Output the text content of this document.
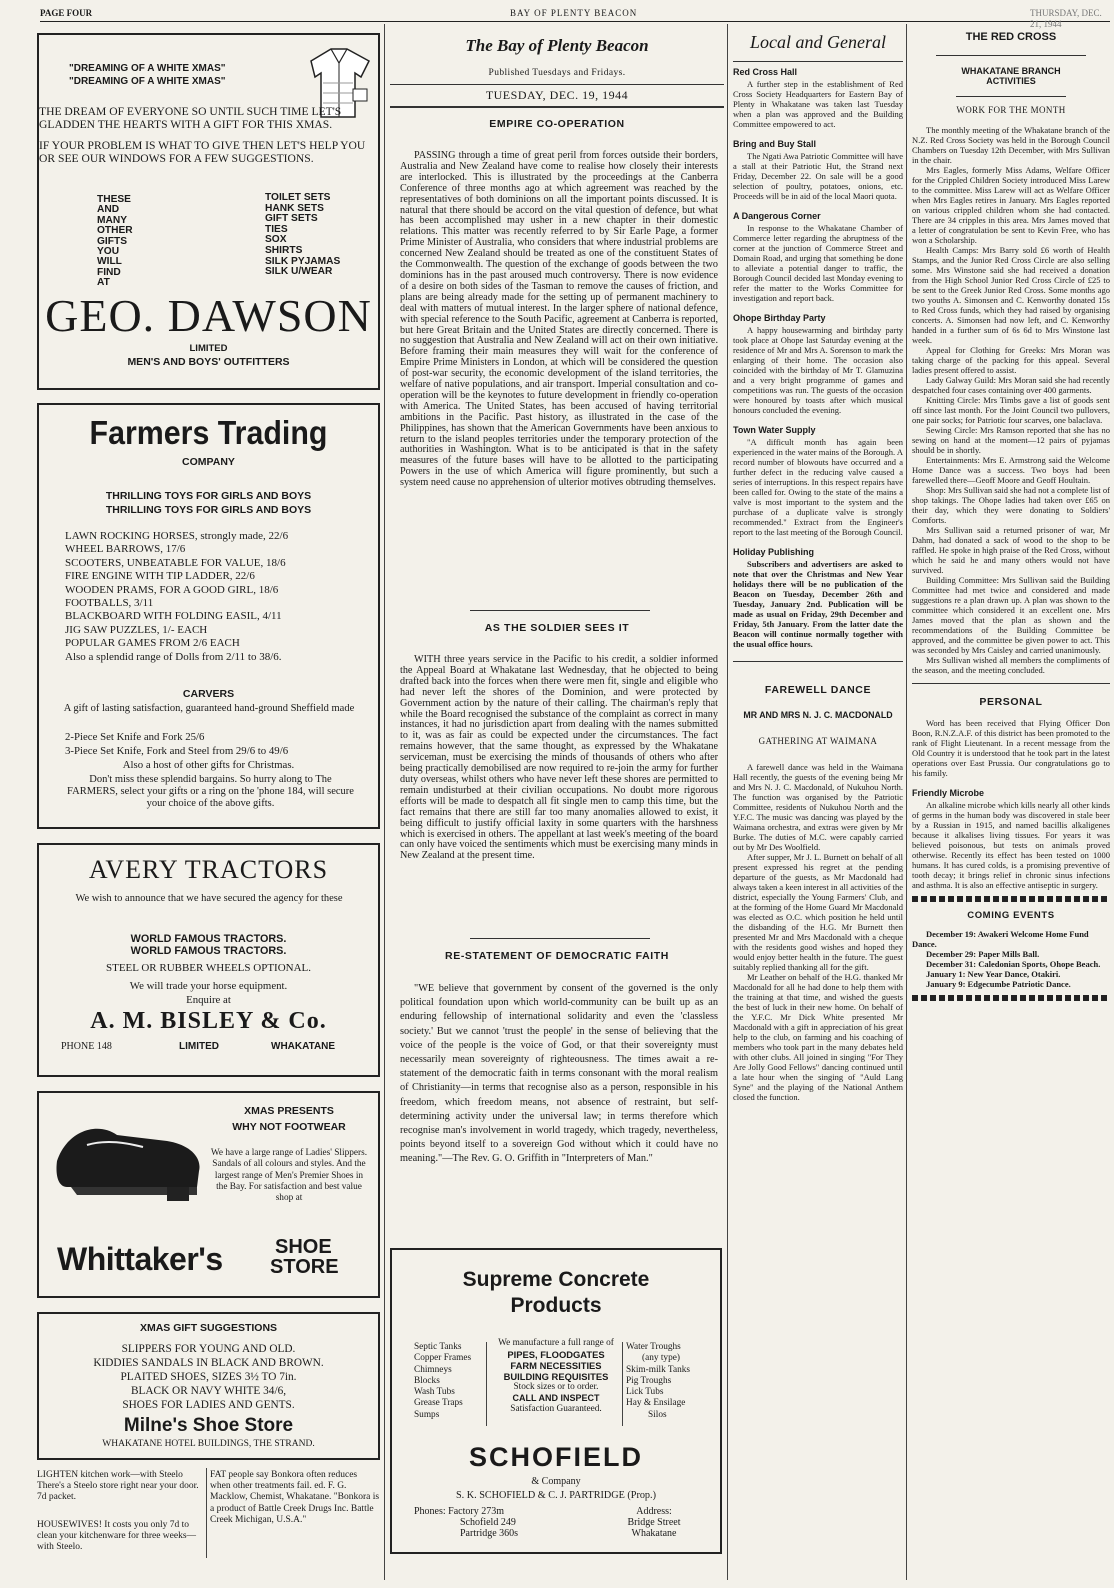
PAGE FOUR	BAY OF PLENTY BEACON	THURSDAY, DEC. 21, 1944
"DREAMING OF A WHITE XMAS"
"DREAMING OF A WHITE XMAS"
THE DREAM OF EVERYONE SO UNTIL SUCH TIME LET'S GLADDEN THE HEARTS WITH A GIFT FOR THIS XMAS.
IF YOUR PROBLEM IS WHAT TO GIVE THEN LET'S HELP YOU OR SEE OUR WINDOWS FOR A FEW SUGGESTIONS.
THESE
AND
MANY
OTHER
GIFTS
YOU
WILL
FIND
AT
TOILET SETS
HANK SETS
GIFT SETS
TIES
SOX
SHIRTS
SILK PYJAMAS
SILK U/WEAR
GEO. DAWSON
LIMITED
MEN'S AND BOYS' OUTFITTERS
Farmers Trading
COMPANY
THRILLING TOYS FOR GIRLS AND BOYS
THRILLING TOYS FOR GIRLS AND BOYS
LAWN ROCKING HORSES, strongly made, 22/6
WHEEL BARROWS, 17/6
SCOOTERS, UNBEATABLE FOR VALUE, 18/6
FIRE ENGINE WITH TIP LADDER, 22/6
WOODEN PRAMS, FOR A GOOD GIRL, 18/6
FOOTBALLS, 3/11
BLACKBOARD WITH FOLDING EASIL, 4/11
JIG SAW PUZZLES, 1/- EACH
POPULAR GAMES FROM 2/6 EACH
Also a splendid range of Dolls from 2/11 to 38/6.
CARVERS
A gift of lasting satisfaction, guaranteed hand-ground Sheffield made
2-Piece Set Knife and Fork 25/6
3-Piece Set Knife, Fork and Steel from 29/6 to 49/6
Also a host of other gifts for Christmas.
Don't miss these splendid bargains. So hurry along to The FARMERS, select your gifts or a ring on the 'phone 184, will secure your choice of the above gifts.
AVERY TRACTORS
We wish to announce that we have secured the agency for these
WORLD FAMOUS TRACTORS.
WORLD FAMOUS TRACTORS.
STEEL OR RUBBER WHEELS OPTIONAL.
We will trade your horse equipment.
Enquire at
A. M. BISLEY & Co.
PHONE 148	LIMITED	WHAKATANE
XMAS PRESENTS
WHY NOT FOOTWEAR
We have a large range of Ladies' Slippers. Sandals of all colours and styles. And the largest range of Men's Premier Shoes in the Bay. For satisfaction and best value shop at
Whittaker's	SHOE
STORE
XMAS GIFT SUGGESTIONS
SLIPPERS FOR YOUNG AND OLD.
KIDDIES SANDALS IN BLACK AND BROWN.
PLAITED SHOES, SIZES 3½ TO 7in.
BLACK OR NAVY WHITE 34/6,
SHOES FOR LADIES AND GENTS.
Milne's Shoe Store
WHAKATANE HOTEL BUILDINGS, THE STRAND.
LIGHTEN kitchen work—with Steelo There's a Steelo store right near your door. 7d packet.
HOUSEWIVES! It costs you only 7d to clean your kitchenware for three weeks—with Steelo.
FAT people say Bonkora often reduces when other treatments fail. ed. F. G. Macklow, Chemist, Whakatane. "Bonkora is a product of Battle Creek Drugs Inc. Battle Creek Michigan, U.S.A."
The Bay of Plenty Beacon
Published Tuesdays and Fridays.
TUESDAY, DEC. 19, 1944
EMPIRE CO-OPERATION
PASSING through a time of great peril from forces outside their borders, Australia and New Zealand have come to realise how closely their interests are interlocked. This is illustrated by the proceedings at the Canberra Conference of three months ago at which agreement was reached by the representatives of both dominions on all the important points discussed. It is natural that there should be accord on the vital question of defence, but what has been accomplished may usher in a new chapter in their domestic relations. This matter was recently referred to by Sir Earle Page, a former Prime Minister of Australia, who considers that where industrial problems are concerned New Zealand should be treated as one of the constituent States of the Commonwealth. The question of the exchange of goods between the two dominions has in the past aroused much controversy. There is now evidence of a desire on both sides of the Tasman to remove the causes of friction, and plans are being already made for the setting up of permanent machinery to deal with matters of mutual interest. In the larger sphere of national defence, with special reference to the South Pacific, agreement at Canberra is reported, but here Great Britain and the United States are directly concerned. There is no suggestion that Australia and New Zealand will act on their own initiative. Before framing their main measures they will wait for the conference of Empire Prime Ministers in London, at which will be considered the question of post-war security, the economic development of the island territories, the welfare of native populations, and air transport. Imperial consultation and co-operation will be the keynotes to future development in friendly co-operation with America. The United States, has been accused of having territorial ambitions in the Pacific. Past history, as illustrated in the case of the Philippines, has shown that the American Governments have been anxious to return to the island peoples territories under the temporary protection of the authorities in Washington. What is to be anticipated is that in the safety measures of the future bases will have to be allotted to the participating Powers in the use of which America will figure prominently, but such a system need cause no apprehension of ulterior motives obtruding themselves.
AS THE SOLDIER SEES IT
WITH three years service in the Pacific to his credit, a soldier informed the Appeal Board at Whakatane last Wednesday, that he objected to being drafted back into the forces when there were men fit, single and eligible who had never left the shores of the Dominion, and were protected by Government action by the nature of their calling. The chairman's reply that while the Board recognised the substance of the complaint as correct in many instances, it had no jurisdiction apart from dealing with the names submitted to it, was as fair as could be expected under the circumstances. The fact remains however, that the same thought, as expressed by the Whakatane serviceman, must be exercising the minds of thousands of others who after being practically demobilised are now required to re-join the army for further duty overseas, whilst others who have never left these shores are permitted to remain undisturbed at their civilian occupations. No doubt more rigorous efforts will be made to despatch all fit single men to camp this time, but the fact remains that there are still far too many anomalies allowed to exist, it being difficult to justify official laxity in some quarters with the harshness which is exercised in others. The appellant at last week's meeting of the board can only have voiced the sentiments which must be exercising many minds in New Zealand at the present time.
RE-STATEMENT OF DEMOCRATIC FAITH
"WE believe that government by consent of the governed is the only political foundation upon which world-community can be built up as an enduring fellowship of international solidarity and even the 'classless society.' But we cannot 'trust the people' in the sense of believing that the voice of the people is the voice of God, or that their sovereignty must necessarily mean sovereignty of righteousness. The times await a re-statement of the democratic faith in terms consonant with the moral realism of Christianity—in terms that recognise also as a person, responsible in his freedom, which freedom means, not absence of restraint, but self-determining activity under the universal law; in terms therefore which recognise man's involvement in world tragedy, which tragedy, nevertheless, points beyond itself to a sovereign God without which it could have no meaning."—The Rev. G. O. Griffith in "Interpreters of Man."
Supreme Concrete
Products
Septic Tanks
Copper Frames
Chimneys
Blocks
Wash Tubs
Grease Traps
Sumps
We manufacture a full range of
PIPES, FLOODGATES
FARM NECESSITIES
BUILDING REQUISITES
Stock sizes or to order.
CALL AND INSPECT
Satisfaction Guaranteed.
Water Troughs
(any type)
Skim-milk Tanks
Pig Troughs
Lick Tubs
Hay & Ensilage
Silos
SCHOFIELD
& Company
S. K. SCHOFIELD & C. J. PARTRIDGE (Prop.)
Phones: Factory 273m
Schofield 249
Partridge 360s
Address:
Bridge Street
Whakatane
Local and General
Red Cross Hall

A further step in the establishment of Red Cross Society Headquarters for Eastern Bay of Plenty in Whakatane was taken last Tuesday when a plan was approved and the Building Committee empowered to act.

Bring and Buy Stall

The Ngati Awa Patriotic Committee will have a stall at their Patriotic Hut, the Strand next Friday, December 22. On sale will be a good selection of poultry, potatoes, onions, etc. Proceeds will be in aid of the local Maori quota.

A Dangerous Corner

In response to the Whakatane Chamber of Commerce letter regarding the abruptness of the corner at the junction of Commerce Street and Domain Road, and urging that something be done to alleviate a potential danger to traffic, the Borough Council decided last Monday evening to refer the matter to the Works Committee for investigation and report back.

Ohope Birthday Party

A happy housewarming and birthday party took place at Ohope last Saturday evening at the residence of Mr and Mrs A. Sorenson to mark the enlarging of their home. The occasion also coincided with the birthday of Mr T. Glamuzina and a very bright programme of games and competitions was run. The guests of the occasion were honoured by toasts after which musical honours concluded the evening.

Town Water Supply

"A difficult month has again been experienced in the water mains of the Borough. A record number of blowouts have occurred and a further defect in the reducing valve caused a series of interruptions. In this respect repairs have been called for. Owing to the state of the mains a valve is most important to the system and the purchase of a duplicate valve is strongly recommended." Extract from the Engineer's report to the last meeting of the Borough Council.

Holiday Publishing

Subscribers and advertisers are asked to note that over the Christmas and New Year holidays there will be no publication of the Beacon on Tuesday, December 26th and Tuesday, January 2nd. Publication will be made as usual on Friday, 29th December and Friday, 5th January. From the latter date the Beacon will continue normally together with the usual office hours.

FAREWELL DANCE
MR AND MRS N. J. C. MACDONALD
GATHERING AT WAIMANA

A farewell dance was held in the Waimana Hall recently, the guests of the evening being Mr and Mrs N. J. C. Macdonald, of Nukuhou North. The function was organised by the Patriotic Committee, residents of Nukuhou North and the Y.F.C. The music was dancing was played by the Waimana orchestra, and extras were given by Mr Burke. The duties of M.C. were capably carried out by Mr Des Woolfield.

After supper, Mr J. L. Burnett on behalf of all present expressed his regret at the pending departure of the guests, as Mr Macdonald had always taken a keen interest in all activities of the district, especially the Young Farmers' Club, and at the forming of the Home Guard Mr Macdonald was elected as O.C. which position he held until the disbanding of the H.G. Mr Burnett then presented Mr and Mrs Macdonald with a cheque with the residents good wishes and hoped they would enjoy better health in the future. The guest suitably replied thanking all for the gift.

Mr Leather on behalf of the H.G. thanked Mr Macdonald for all he had done to help them with the training at that time, and wished the guests the best of luck in their new home. On behalf of the Y.F.C. Mr Dick White presented Mr Macdonald with a gift in appreciation of his great help to the club, on farming and his coaching of members who took part in the many debates held with other clubs. All joined in singing "For They Are Jolly Good Fellows" dancing continued until a late hour when the singing of "Auld Lang Syne" and the playing of the National Anthem closed the function.

THE RED CROSS
WHAKATANE BRANCH
ACTIVITIES
WORK FOR THE MONTH

The monthly meeting of the Whakatane branch of the N.Z. Red Cross Society was held in the Borough Council Chambers on Tuesday 12th December, with Mrs Sullivan in the chair.

Mrs Eagles, formerly Miss Adams, Welfare Officer for the Crippled Children Society introduced Miss Larew to the committee. Miss Larew will act as Welfare Officer when Mrs Eagles retires in January. Mrs Eagles reported on various crippled children whom she had contacted. There are 34 cripples in this area. Mrs James moved that a letter of congratulation be sent to Kevin Free, who has won a Scholarship.

Health Camps: Mrs Barry sold £6 worth of Health Stamps, and the Junior Red Cross Circle are also selling some. Mrs Winstone said she had received a donation from the High School Junior Red Cross Circle of £25 to be sent to the Greek Junior Red Cross. Some months ago two youths A. Simonsen and C. Kenworthy donated 15s to Red Cross funds, which they had raised by organising concerts. A. Simonsen had now left, and C. Kenworthy handed in a further sum of 6s 6d to Mrs Winstone last week.

Appeal for Clothing for Greeks: Mrs Moran was taking charge of the packing for this appeal. Several ladies present offered to assist.

Lady Galway Guild: Mrs Moran said she had recently despatched four cases containing over 400 garments.

Knitting Circle: Mrs Timbs gave a list of goods sent off since last month. For the Joint Council two pullovers, one pair socks; for Patriotic four scarves, one balaclava.

Sewing Circle: Mrs Ramson reported that she has no sewing on hand at the moment—12 pairs of pyjamas should be in shortly.

Entertainments: Mrs E. Armstrong said the Welcome Home Dance was a success. Two boys had been farewelled there—Geoff Moore and Geoff Houltain.

Shop: Mrs Sullivan said she had not a complete list of shop takings. The Ohope ladies had taken over £65 on their day, which they were donating to Soldiers' Comforts.

Mrs Sullivan said a returned prisoner of war, Mr Dahm, had donated a sack of wood to the shop to be raffled. He spoke in high praise of the Red Cross, without which he said he and many others would not have survived.

Building Committee: Mrs Sullivan said the Building Committee had met twice and considered and made suggestions re a plan drawn up. A plan was shown to the committee which considered it an excellent one. Mrs James moved that the plan as shown and the recommendations of the Building Committee be approved, and the committee be given power to act. This was seconded by Mrs Caisley and carried unanimously.

Mrs Sullivan wished all members the compliments of the season, and the meeting concluded.

PERSONAL

Word has been received that Flying Officer Don Boon, R.N.Z.A.F. of this district has been promoted to the rank of Flight Lieutenant. In a recent message from the Old Country it is understood that he took part in the latest operations over East Prussia. Our congratulations go to his family.

Friendly Microbe

An alkaline microbe which kills nearly all other kinds of germs in the human body was discovered in stale beer by a Russian in 1915, and named bacillis alkaligenes because it alkalises living tissues. For years it was believed poisonous, but tests on animals proved otherwise. Recently its effect has been tested on 1000 humans. It has cured colds, is a promising preventive of tooth decay; it brings relief in chronic sinus infections and asthma. It is also an effective antiseptic in surgery.

COMING EVENTS
December 19: Awakeri Welcome Home Fund Dance.
December 29: Paper Mills Ball.
December 31: Caledonian Sports, Ohope Beach.
January 1: New Year Dance, Otakiri.
January 9: Edgecumbe Patriotic Dance.
